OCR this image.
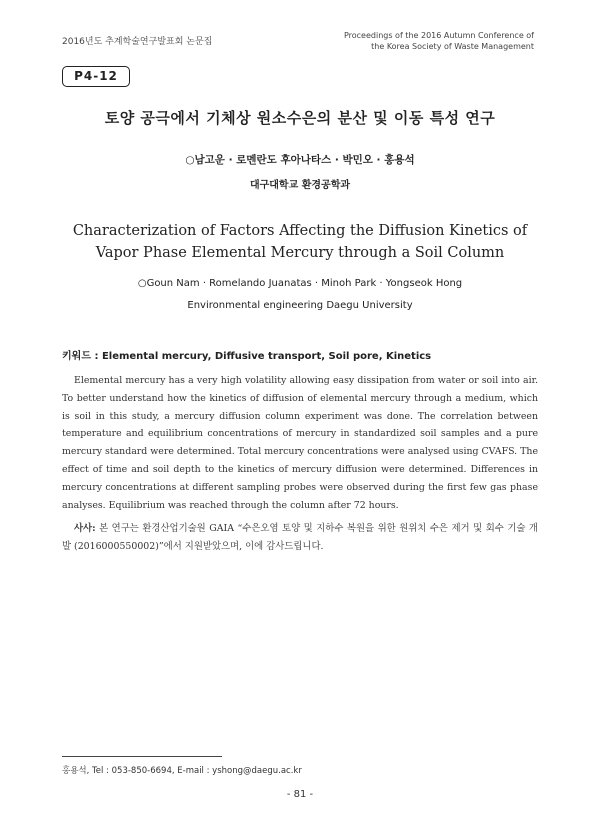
2016년도 추계학술연구발표회 논문집
Proceedings of the 2016 Autumn Conference of
the Korea Society of Waste Management
P4-12
토양 공극에서 기체상 원소수은의 분산 및 이동 특성 연구
○남고운 · 로멘란도 후아나타스 · 박민오 · 홍용석
대구대학교 환경공학과
Characterization of Factors Affecting the Diffusion Kinetics of
Vapor Phase Elemental Mercury through a Soil Column
○Goun Nam · Romelando Juanatas · Minoh Park · Yongseok Hong
Environmental engineering Daegu University
키워드 : Elemental mercury, Diffusive transport, Soil pore, Kinetics

Elemental mercury has a very high volatility allowing easy dissipation from water or soil into air. To better understand how the kinetics of diffusion of elemental mercury through a medium, which is soil in this study, a mercury diffusion column experiment was done. The correlation between temperature and equilibrium concentrations of mercury in standardized soil samples and a pure mercury standard were determined. Total mercury concentrations were analysed using CVAFS. The effect of time and soil depth to the kinetics of mercury diffusion were determined. Differences in mercury concentrations at different sampling probes were observed during the first few gas phase analyses. Equilibrium was reached through the column after 72 hours.

사사: 본 연구는 환경산업기술원 GAIA “수은오염 토양 및 지하수 복원을 위한 원위치 수은 제거 및 회수 기술 개발 (2016000550002)”에서 지원받았으며, 이에 감사드립니다.

홍용석, Tel : 053-850-6694, E-mail : yshong@daegu.ac.kr
- 81 -
